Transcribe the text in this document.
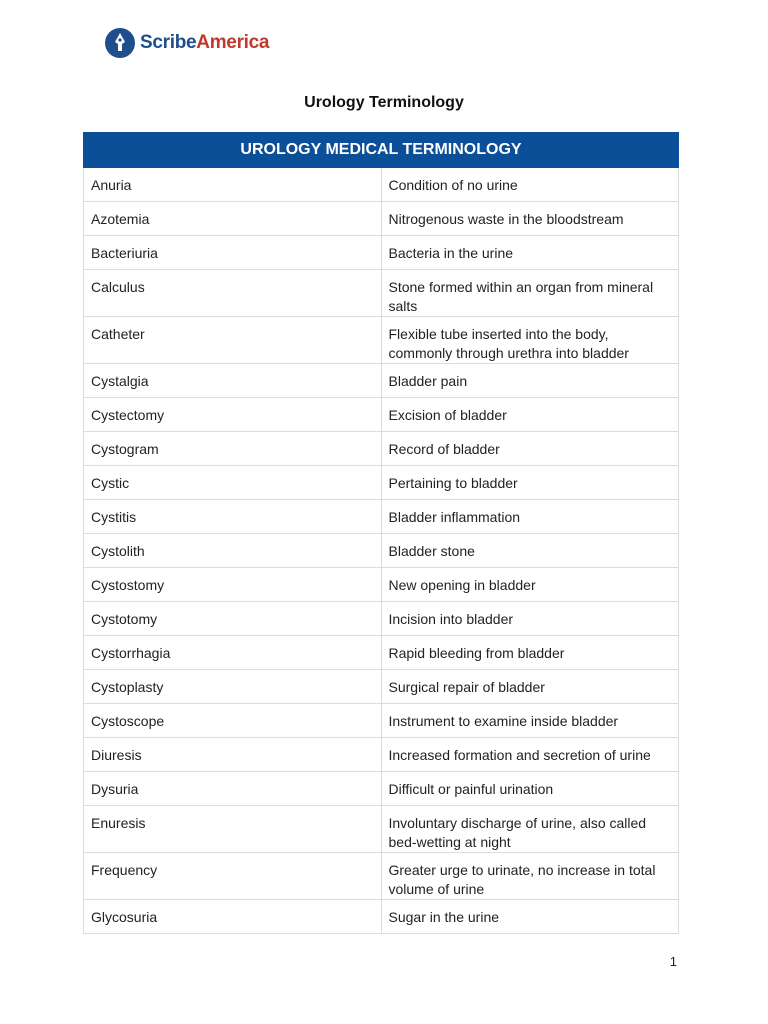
ScribeAmerica
Urology Terminology
UROLOGY MEDICAL TERMINOLOGY	
Anuria	Condition of no urine
Azotemia	Nitrogenous waste in the bloodstream
Bacteriuria	Bacteria in the urine
Calculus	Stone formed within an organ from mineral salts
Catheter	Flexible tube inserted into the body, commonly through urethra into bladder
Cystalgia	Bladder pain
Cystectomy	Excision of bladder
Cystogram	Record of bladder
Cystic	Pertaining to bladder
Cystitis	Bladder inflammation
Cystolith	Bladder stone
Cystostomy	New opening in bladder
Cystotomy	Incision into bladder
Cystorrhagia	Rapid bleeding from bladder
Cystoplasty	Surgical repair of bladder
Cystoscope	Instrument to examine inside bladder
Diuresis	Increased formation and secretion of urine
Dysuria	Difficult or painful urination
Enuresis	Involuntary discharge of urine, also called bed-wetting at night
Frequency	Greater urge to urinate, no increase in total volume of urine
Glycosuria	Sugar in the urine
1
